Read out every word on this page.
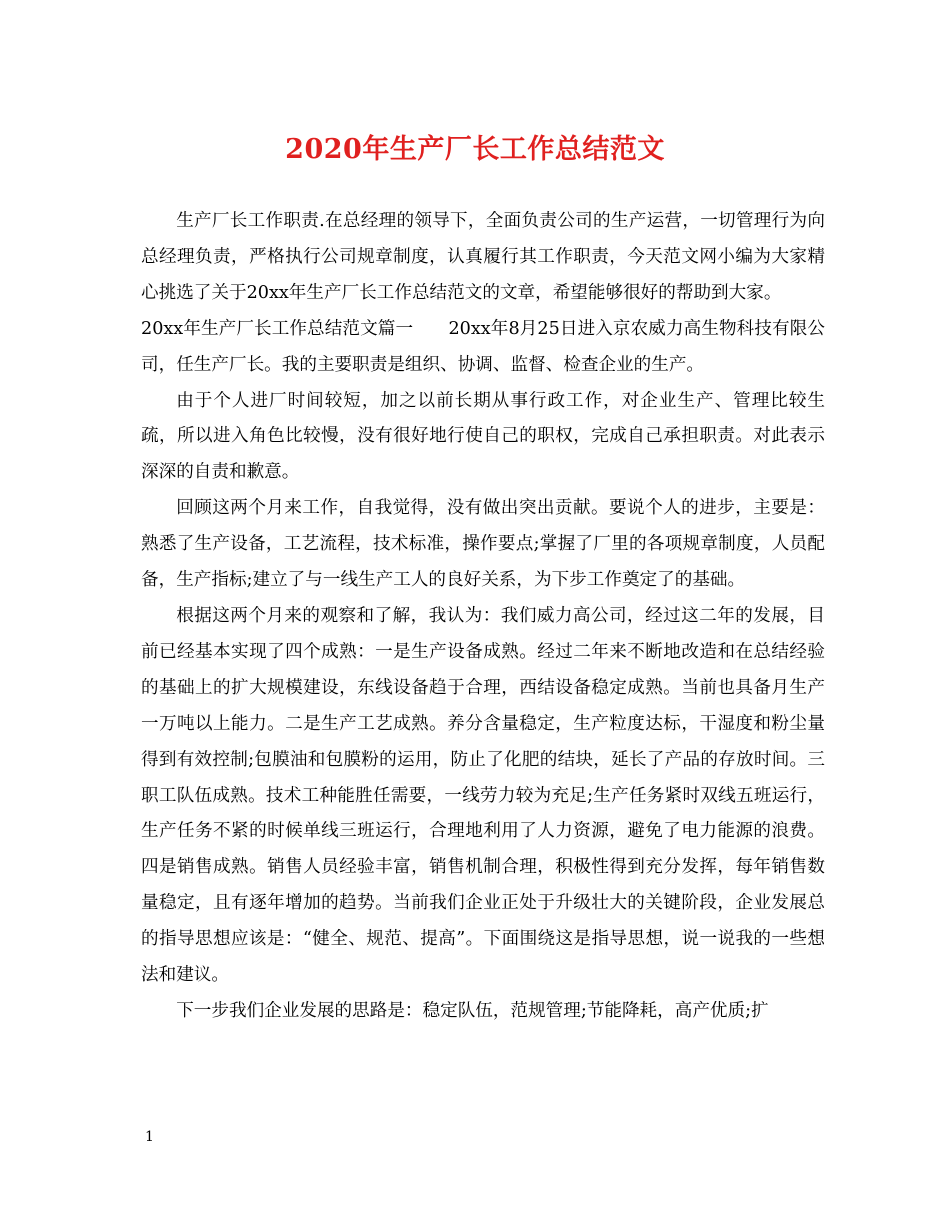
2020年生产厂长工作总结范文

生产厂长工作职责.在总经理的领导下，全面负责公司的生产运营，一切管理行为向总经理负责，严格执行公司规章制度，认真履行其工作职责，今天范文网小编为大家精心挑选了关于20xx年生产厂长工作总结范文的文章，希望能够很好的帮助到大家。

20xx年生产厂长工作总结范文篇一　　20xx年8月25日进入京农威力高生物科技有限公司，任生产厂长。我的主要职责是组织、协调、监督、检查企业的生产。

由于个人进厂时间较短，加之以前长期从事行政工作，对企业生产、管理比较生疏，所以进入角色比较慢，没有很好地行使自己的职权，完成自己承担职责。对此表示深深的自责和歉意。

回顾这两个月来工作，自我觉得，没有做出突出贡献。要说个人的进步，主要是：熟悉了生产设备，工艺流程，技术标准，操作要点;掌握了厂里的各项规章制度，人员配备，生产指标;建立了与一线生产工人的良好关系，为下步工作奠定了的基础。

根据这两个月来的观察和了解，我认为：我们威力高公司，经过这二年的发展，目前已经基本实现了四个成熟：一是生产设备成熟。经过二年来不断地改造和在总结经验的基础上的扩大规模建设，东线设备趋于合理，西结设备稳定成熟。当前也具备月生产一万吨以上能力。二是生产工艺成熟。养分含量稳定，生产粒度达标，干湿度和粉尘量得到有效控制;包膜油和包膜粉的运用，防止了化肥的结块，延长了产品的存放时间。三职工队伍成熟。技术工种能胜任需要，一线劳力较为充足;生产任务紧时双线五班运行，生产任务不紧的时候单线三班运行，合理地利用了人力资源，避免了电力能源的浪费。四是销售成熟。销售人员经验丰富，销售机制合理，积极性得到充分发挥，每年销售数量稳定，且有逐年增加的趋势。当前我们企业正处于升级壮大的关键阶段，企业发展总的指导思想应该是：“健全、规范、提高”。下面围绕这是指导思想，说一说我的一些想法和建议。

下一步我们企业发展的思路是：稳定队伍，范规管理;节能降耗，高产优质;扩

1
